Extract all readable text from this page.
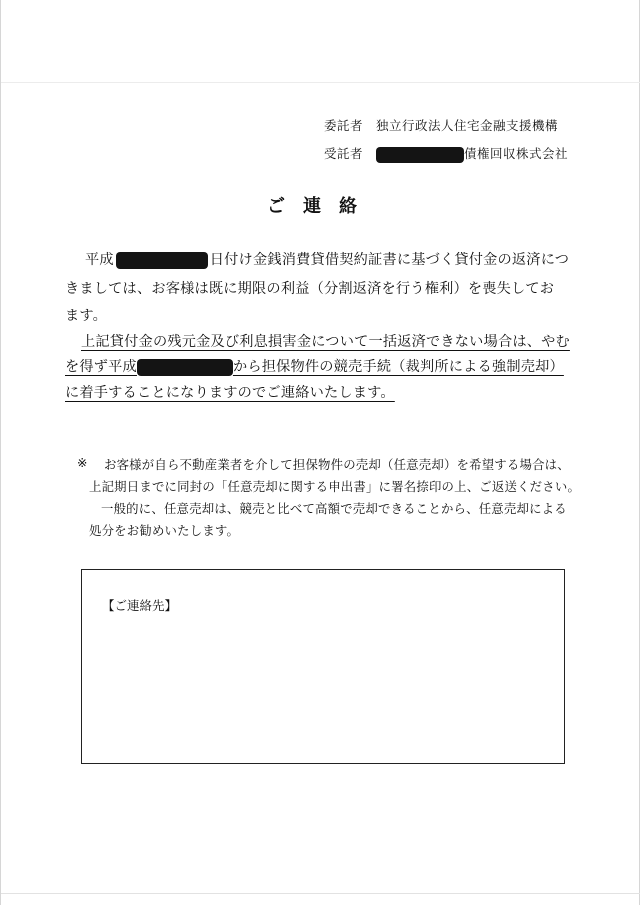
委託者 独立行政法人住宅金融支援機構
受託者	債権回収株式会社
ご連絡
平成	日付け金銭消費貸借契約証書に基づく貸付金の返済につ
きましては、お客様は既に期限の利益（分割返済を行う権利）を喪失してお
ます。
上記貸付金の残元金及び利息損害金について一括返済できない場合は、やむ
を得ず平成	から担保物件の競売手続（裁判所による強制売却）
に着手することになりますのでご連絡いたします。
※ お客様が自ら不動産業者を介して担保物件の売却（任意売却）を希望する場合は、
上記期日までに同封の「任意売却に関する申出書」に署名捺印の上、ご返送ください。
一般的に、任意売却は、競売と比べて高額で売却できることから、任意売却による
処分をお勧めいたします。
【ご連絡先】
